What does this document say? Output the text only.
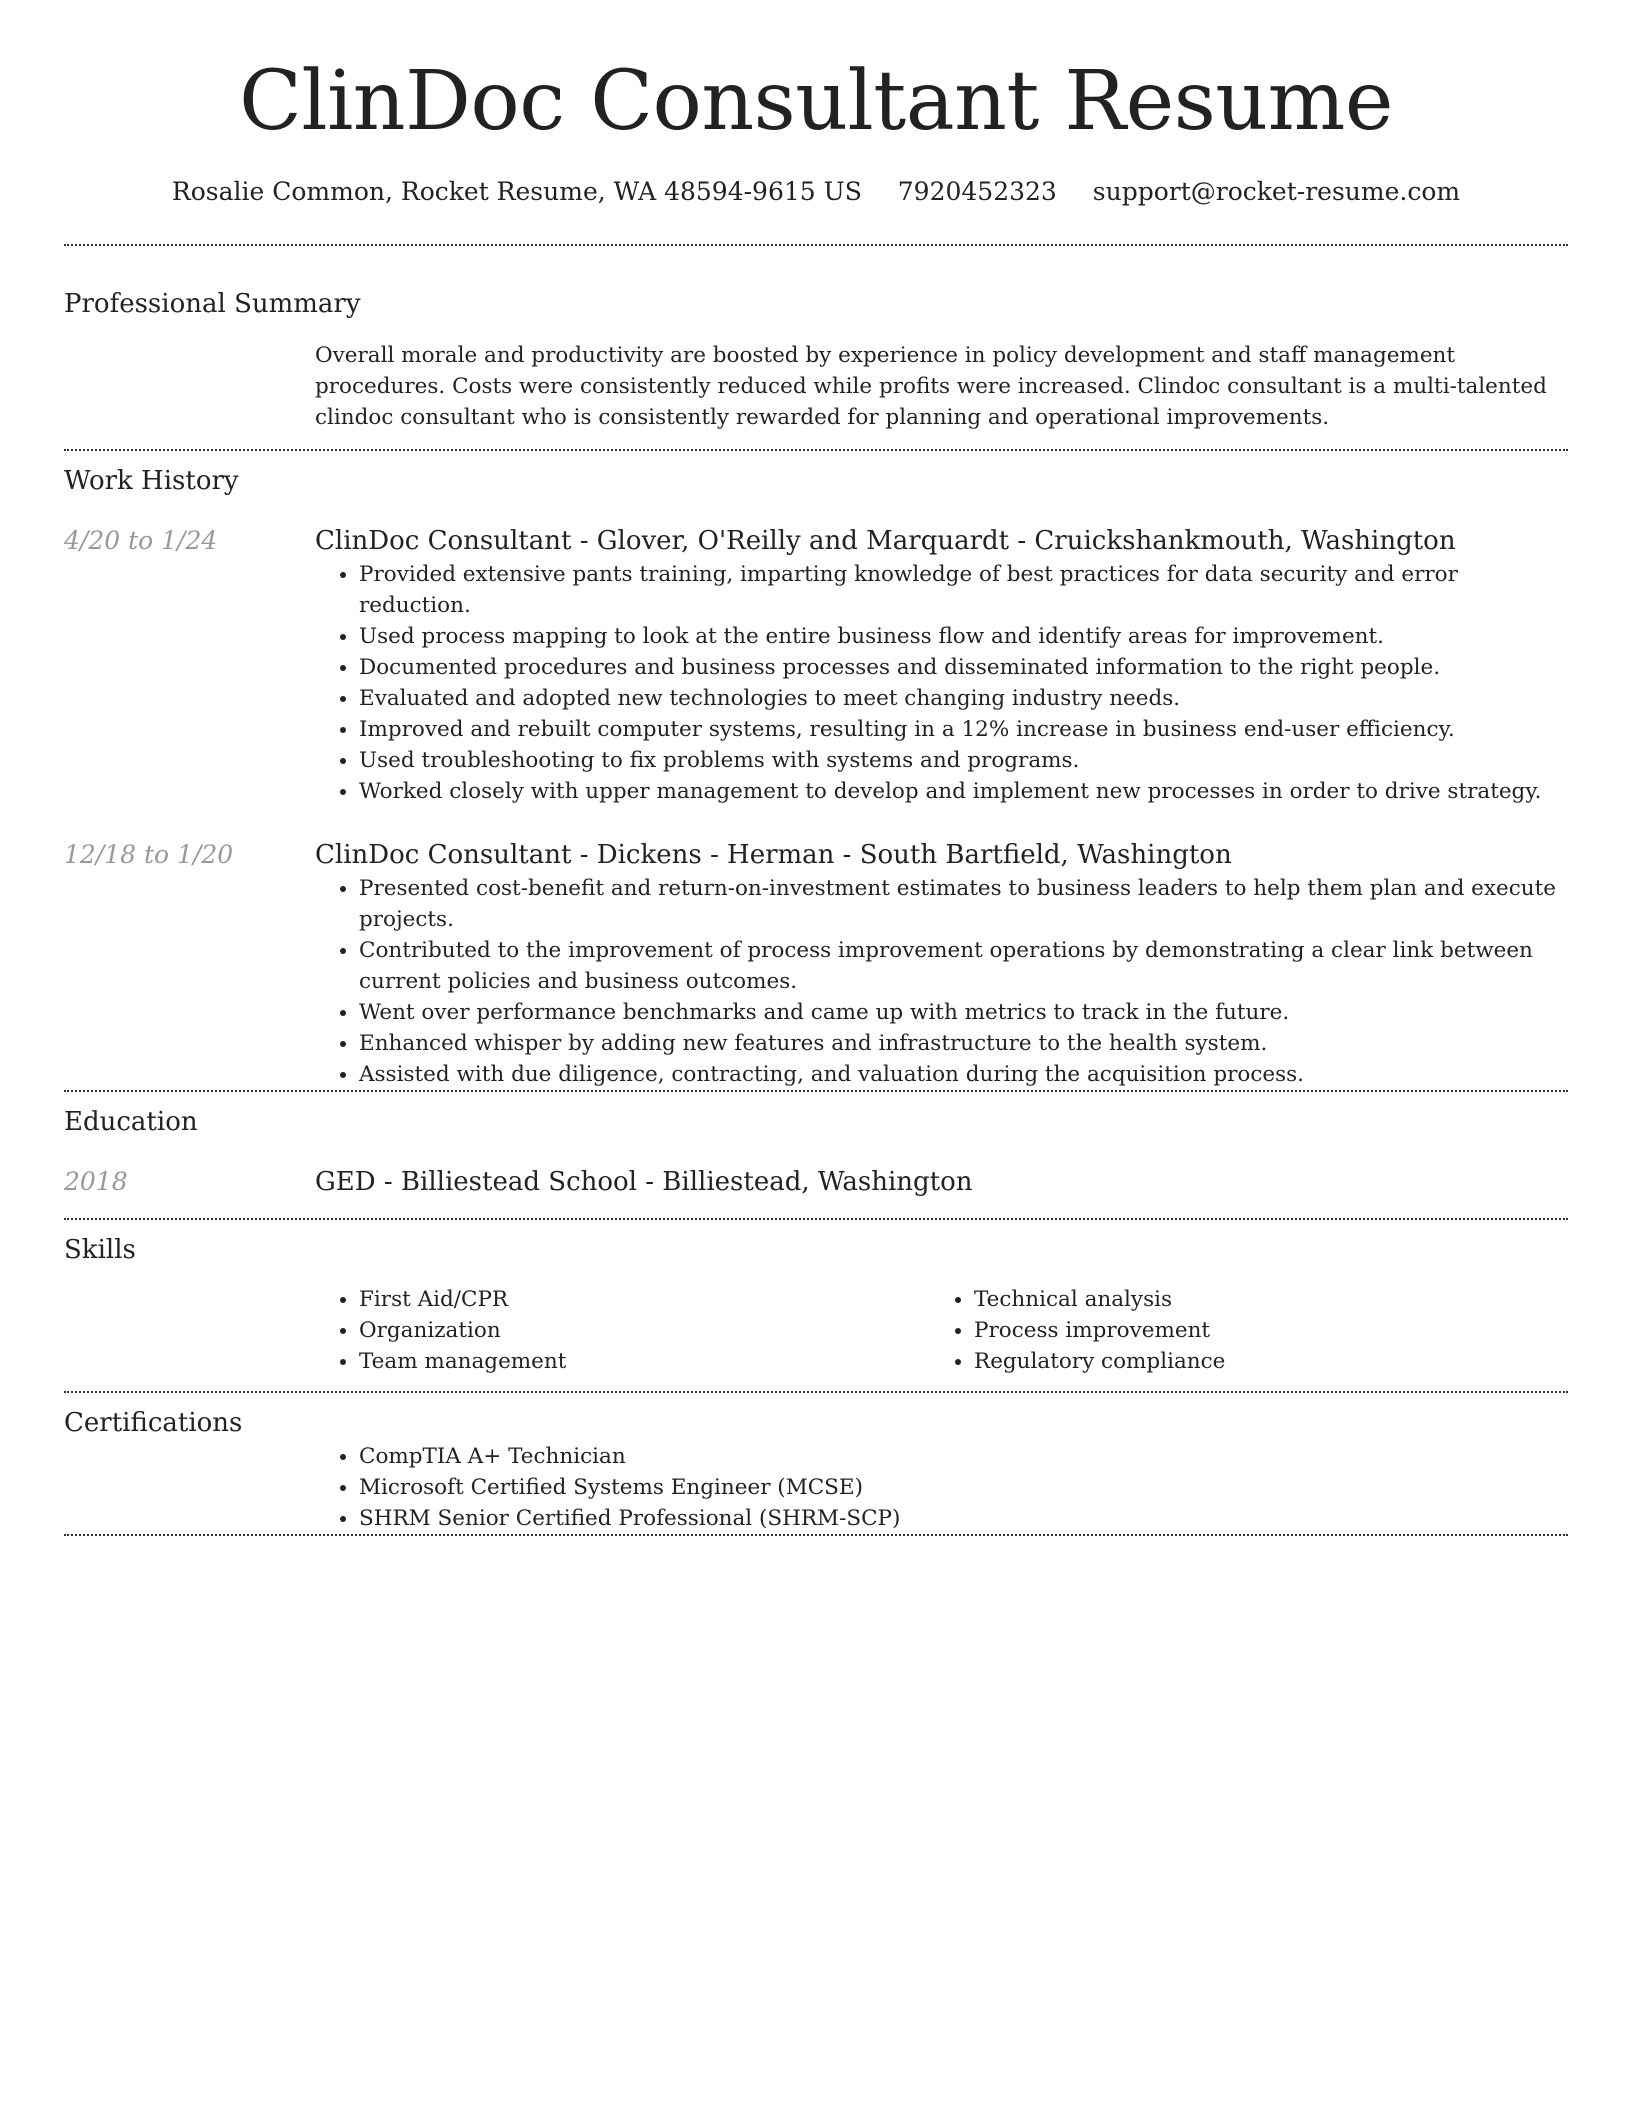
ClinDoc Consultant Resume
Rosalie Common, Rocket Resume, WA 48594-9615 US 7920452323 support@rocket-resume.com
Professional Summary
Overall morale and productivity are boosted by experience in policy development and staff management procedures. Costs were consistently reduced while profits were increased. Clindoc consultant is a multi-talented clindoc consultant who is consistently rewarded for planning and operational improvements.
Work History
4/20 to 1/24	ClinDoc Consultant - Glover, O'Reilly and Marquardt - Cruickshankmouth, Washington
• Provided extensive pants training, imparting knowledge of best practices for data security and error reduction.
• Used process mapping to look at the entire business flow and identify areas for improvement.
• Documented procedures and business processes and disseminated information to the right people.
• Evaluated and adopted new technologies to meet changing industry needs.
• Improved and rebuilt computer systems, resulting in a 12% increase in business end-user efficiency.
• Used troubleshooting to fix problems with systems and programs.
• Worked closely with upper management to develop and implement new processes in order to drive strategy.
12/18 to 1/20	ClinDoc Consultant - Dickens - Herman - South Bartfield, Washington
• Presented cost-benefit and return-on-investment estimates to business leaders to help them plan and execute projects.
• Contributed to the improvement of process improvement operations by demonstrating a clear link between current policies and business outcomes.
• Went over performance benchmarks and came up with metrics to track in the future.
• Enhanced whisper by adding new features and infrastructure to the health system.
• Assisted with due diligence, contracting, and valuation during the acquisition process.
Education
2018	GED - Billiestead School - Billiestead, Washington
Skills
• First Aid/CPR
• Organization
• Team management
• Technical analysis
• Process improvement
• Regulatory compliance
Certifications
• CompTIA A+ Technician
• Microsoft Certified Systems Engineer (MCSE)
• SHRM Senior Certified Professional (SHRM-SCP)
